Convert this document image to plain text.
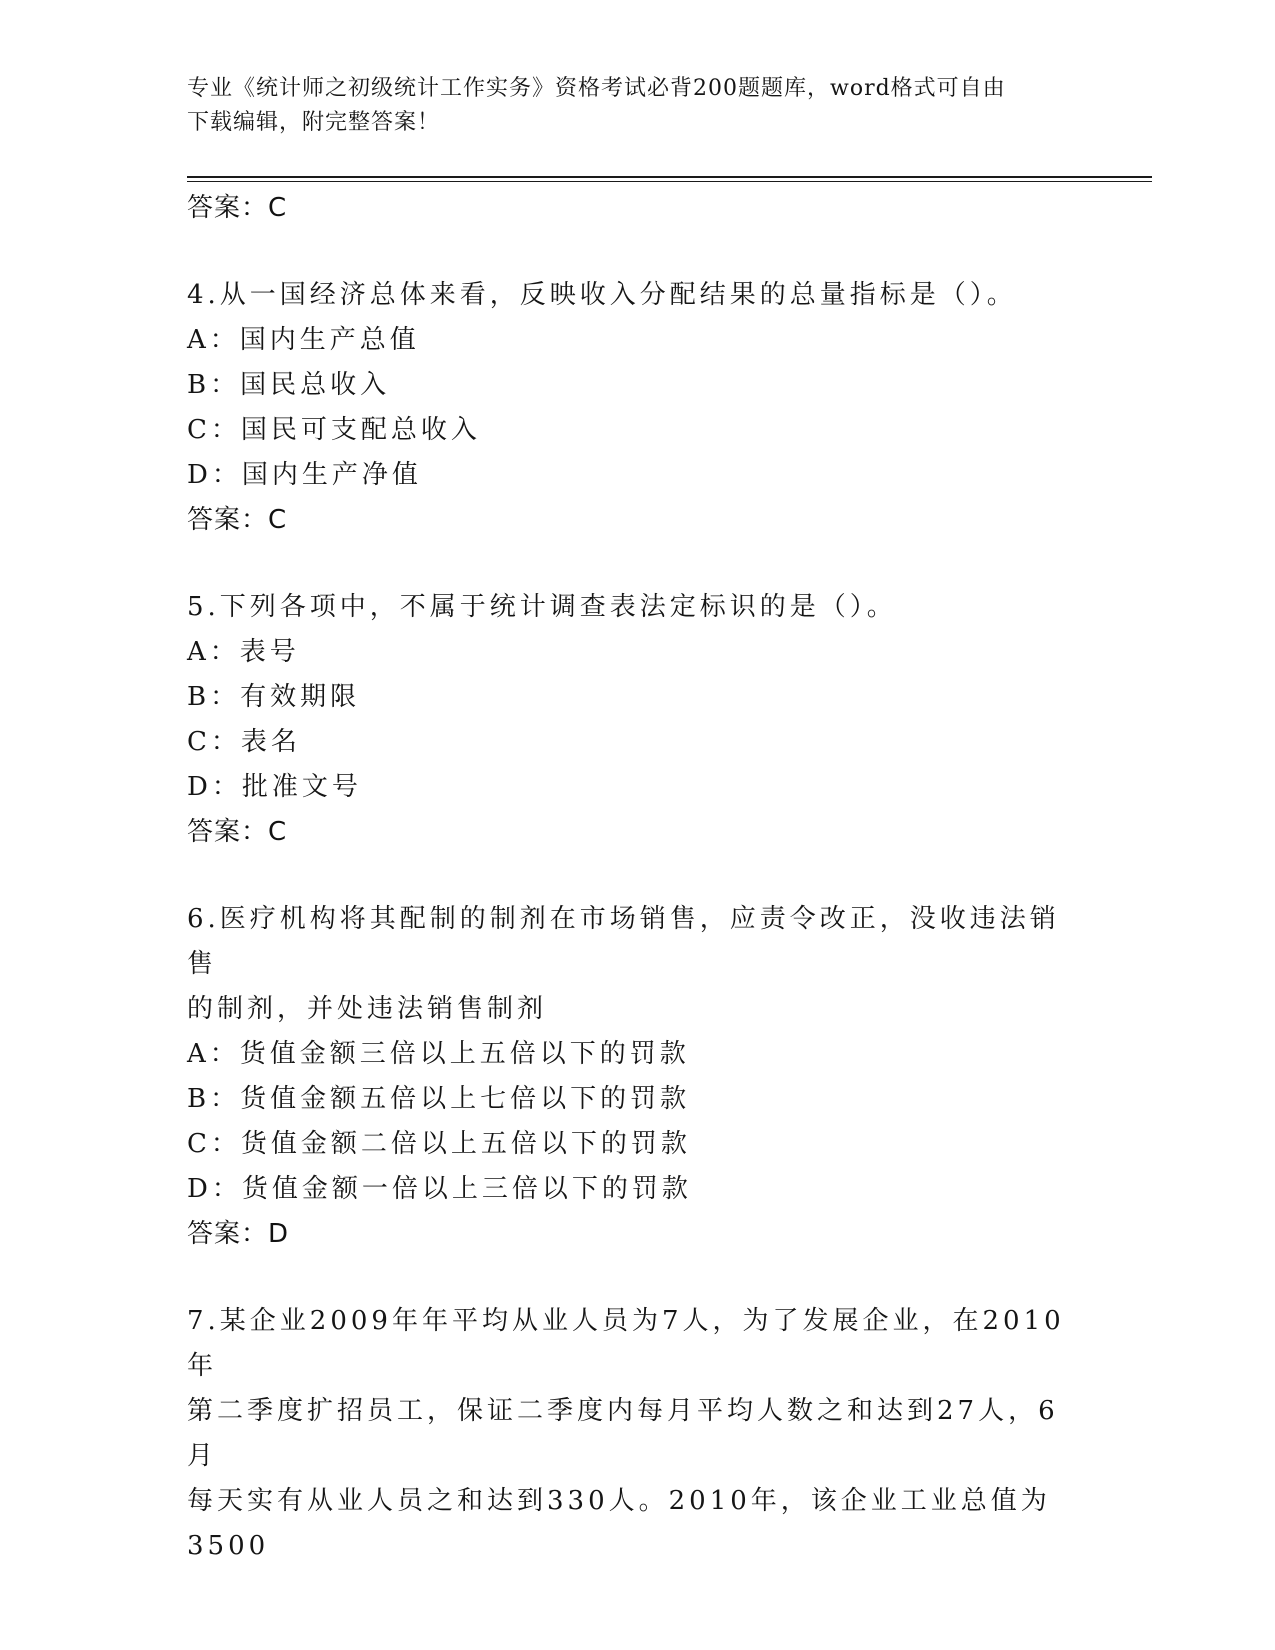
专业《统计师之初级统计工作实务》资格考试必背200题题库，word格式可自由
下载编辑，附完整答案！
答案：C
4.从一国经济总体来看，反映收入分配结果的总量指标是（）。
A：国内生产总值
B：国民总收入
C：国民可支配总收入
D：国内生产净值
答案：C
5.下列各项中，不属于统计调查表法定标识的是（）。
A：表号
B：有效期限
C：表名
D：批准文号
答案：C
6.医疗机构将其配制的制剂在市场销售，应责令改正，没收违法销售
的制剂，并处违法销售制剂
A：货值金额三倍以上五倍以下的罚款
B：货值金额五倍以上七倍以下的罚款
C：货值金额二倍以上五倍以下的罚款
D：货值金额一倍以上三倍以下的罚款
答案：D
7.某企业2009年年平均从业人员为7人，为了发展企业，在2010年
第二季度扩招员工，保证二季度内每月平均人数之和达到27人，6月
每天实有从业人员之和达到330人。2010年，该企业工业总值为3500
